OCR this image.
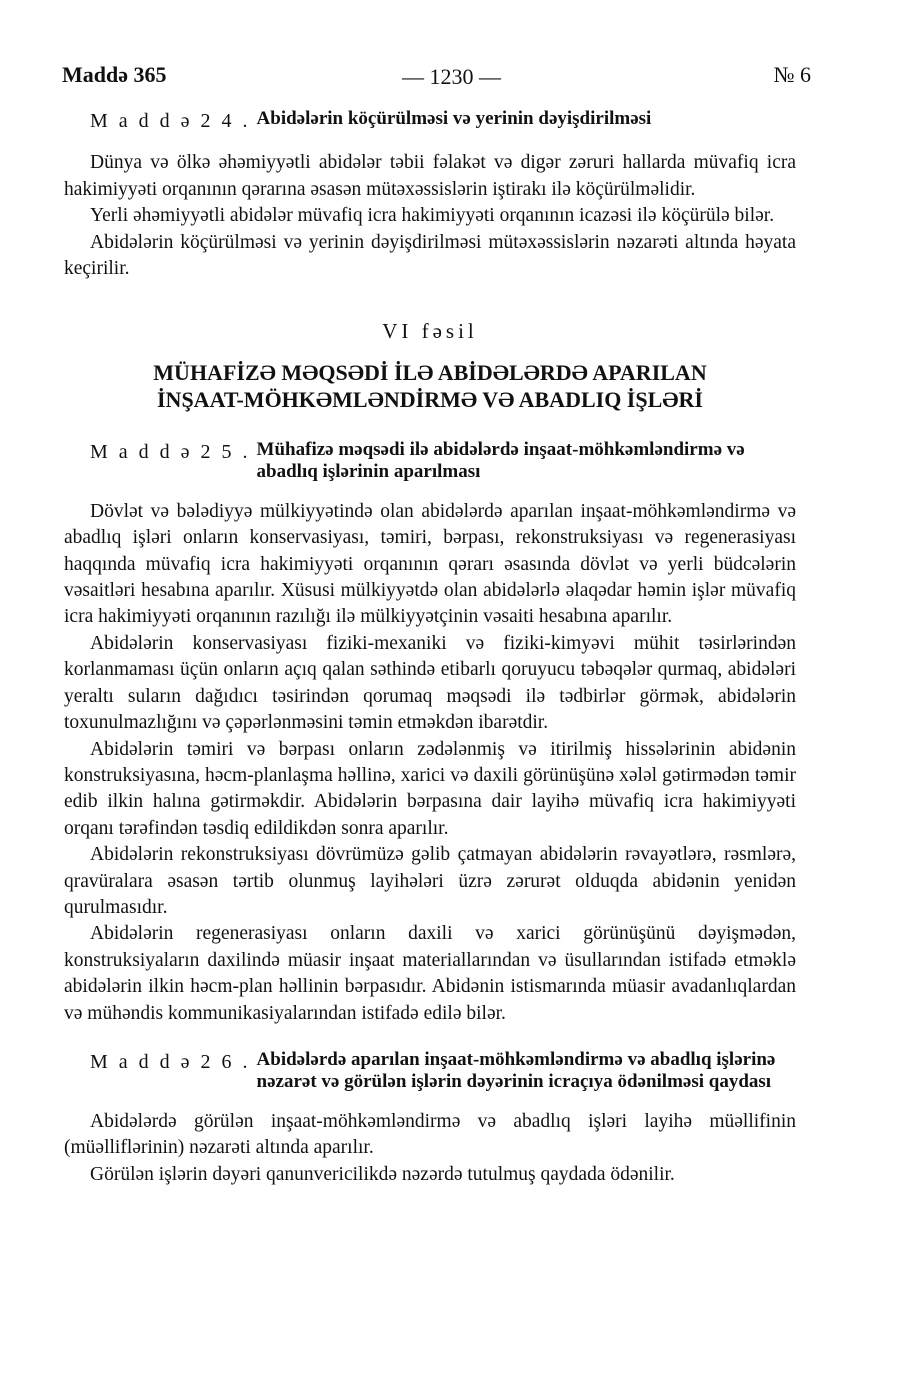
Maddə 365	— 1230 —	№ 6
M a d d ə 2 4 . Abidələrin köçürülməsi və yerinin dəyişdirilməsi

Dünya və ölkə əhəmiyyətli abidələr təbii fəlakət və digər zəruri hallarda müvafiq icra hakimiyyəti orqanının qərarına əsasən mütəxəssislərin iştirakı ilə köçürülməlidir.

Yerli əhəmiyyətli abidələr müvafiq icra hakimiyyəti orqanının icazəsi ilə köçürülə bilər.

Abidələrin köçürülməsi və yerinin dəyişdirilməsi mütəxəssislərin nəzarəti altında həyata keçirilir.

VI fəsil
MÜHAFİZƏ MƏQSƏDİ İLƏ ABİDƏLƏRDƏ APARILAN
İNŞAAT-MÖHKƏMLƏNDİRMƏ VƏ ABADLIQ İŞLƏRİ
M a d d ə 2 5 . Mühafizə məqsədi ilə abidələrdə inşaat-möhkəmləndirmə və abadlıq işlərinin aparılması

Dövlət və bələdiyyə mülkiyyətində olan abidələrdə aparılan inşaat-möhkəmləndirmə və abadlıq işləri onların konservasiyası, təmiri, bərpası, rekonstruksiyası və regenerasiyası haqqında müvafiq icra hakimiyyəti orqanının qərarı əsasında dövlət və yerli büdcələrin vəsaitləri hesabına aparılır. Xüsusi mülkiyyətdə olan abidələrlə əlaqədar həmin işlər müvafiq icra hakimiyyəti orqanının razılığı ilə mülkiyyətçinin vəsaiti hesabına aparılır.

Abidələrin konservasiyası fiziki-mexaniki və fiziki-kimyəvi mühit təsirlərindən korlanmaması üçün onların açıq qalan səthində etibarlı qoruyucu təbəqələr qurmaq, abidələri yeraltı suların dağıdıcı təsirindən qorumaq məqsədi ilə tədbirlər görmək, abidələrin toxunulmazlığını və çəpərlənməsini təmin etməkdən ibarətdir.

Abidələrin təmiri və bərpası onların zədələnmiş və itirilmiş hissələrinin abidənin konstruksiyasına, həcm-planlaşma həllinə, xarici və daxili görünüşünə xələl gətirmədən təmir edib ilkin halına gətirməkdir. Abidələrin bərpasına dair layihə müvafiq icra hakimiyyəti orqanı tərəfindən təsdiq edildikdən sonra aparılır.

Abidələrin rekonstruksiyası dövrümüzə gəlib çatmayan abidələrin rəvayətlərə, rəsmlərə, qravüralara əsasən tərtib olunmuş layihələri üzrə zərurət olduqda abidənin yenidən qurulmasıdır.

Abidələrin regenerasiyası onların daxili və xarici görünüşünü dəyişmədən, konstruksiyaların daxilində müasir inşaat materiallarından və üsullarından istifadə etməklə abidələrin ilkin həcm-plan həllinin bərpasıdır. Abidənin istismarında müasir avadanlıqlardan və mühəndis kommunikasiyalarından istifadə edilə bilər.

M a d d ə 2 6 . Abidələrdə aparılan inşaat-möhkəmləndirmə və abadlıq işlərinə nəzarət və görülən işlərin dəyərinin icraçıya ödənilməsi qaydası

Abidələrdə görülən inşaat-möhkəmləndirmə və abadlıq işləri layihə müəllifinin (müəlliflərinin) nəzarəti altında aparılır.

Görülən işlərin dəyəri qanunvericilikdə nəzərdə tutulmuş qaydada ödənilir.
